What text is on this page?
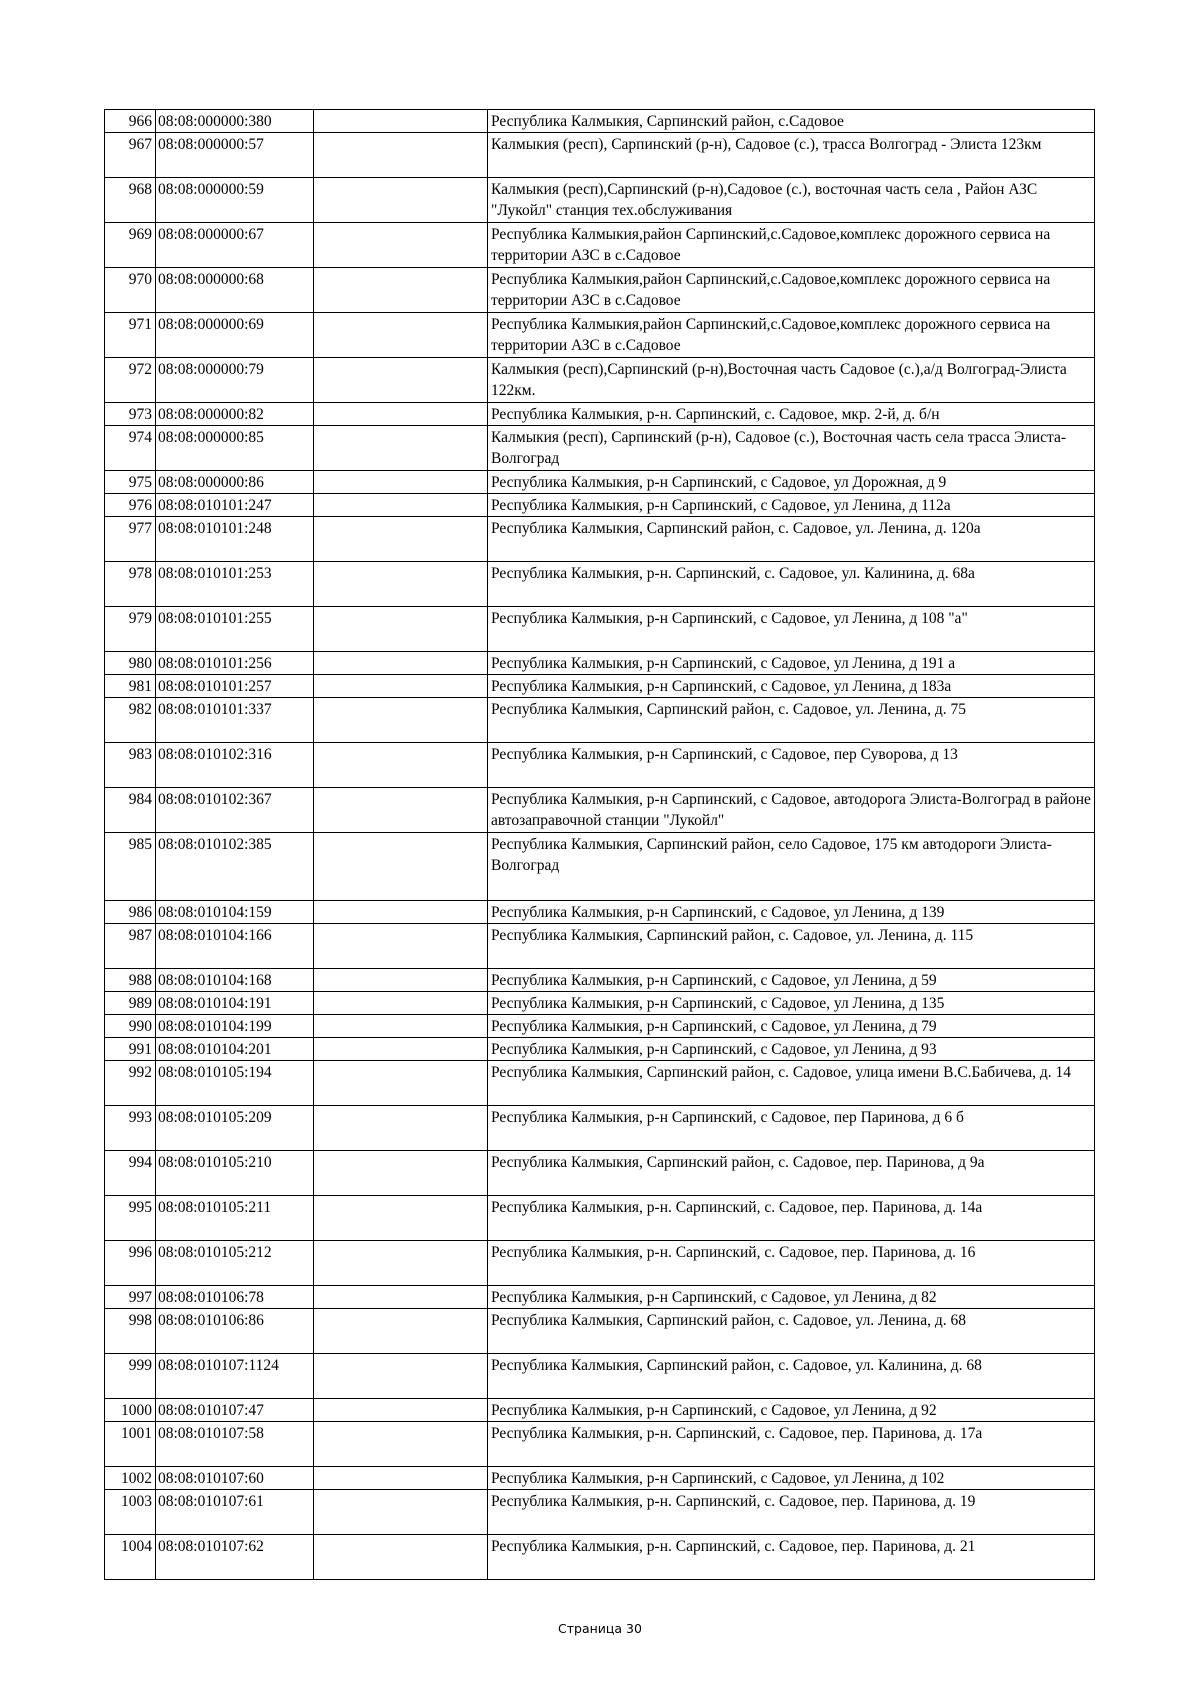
966	08:08:000000:380		Республика Калмыкия, Сарпинский район, с.Садовое
967	08:08:000000:57		Калмыкия (респ), Сарпинский (р-н), Садовое (с.), трасса Волгоград - Элиста 123км
968	08:08:000000:59		Калмыкия (респ),Сарпинский (р-н),Садовое (с.), восточная часть села , Район АЗС "Лукойл" станция тех.обслуживания
969	08:08:000000:67		Республика Калмыкия,район Сарпинский,с.Садовое,комплекс дорожного сервиса на территории АЗС в с.Садовое
970	08:08:000000:68		Республика Калмыкия,район Сарпинский,с.Садовое,комплекс дорожного сервиса на территории АЗС в с.Садовое
971	08:08:000000:69		Республика Калмыкия,район Сарпинский,с.Садовое,комплекс дорожного сервиса на территории АЗС в с.Садовое
972	08:08:000000:79		Калмыкия (респ),Сарпинский (р-н),Восточная часть Садовое (с.),а/д Волгоград-Элиста 122км.
973	08:08:000000:82		Республика Калмыкия, р-н. Сарпинский, с. Садовое, мкр. 2-й, д. б/н
974	08:08:000000:85		Калмыкия (респ), Сарпинский (р-н), Садовое (с.), Восточная часть села трасса Элиста-Волгоград
975	08:08:000000:86		Республика Калмыкия, р-н Сарпинский, с Садовое, ул Дорожная, д 9
976	08:08:010101:247		Республика Калмыкия, р-н Сарпинский, с Садовое, ул Ленина, д 112а
977	08:08:010101:248		Республика Калмыкия, Сарпинский район, с. Садовое, ул. Ленина, д. 120а
978	08:08:010101:253		Республика Калмыкия, р-н. Сарпинский, с. Садовое, ул. Калинина, д. 68а
979	08:08:010101:255		Республика Калмыкия, р-н Сарпинский, с Садовое, ул Ленина, д 108 "а"
980	08:08:010101:256		Республика Калмыкия, р-н Сарпинский, с Садовое, ул Ленина, д 191 а
981	08:08:010101:257		Республика Калмыкия, р-н Сарпинский, с Садовое, ул Ленина, д 183а
982	08:08:010101:337		Республика Калмыкия, Сарпинский район, с. Садовое, ул. Ленина, д. 75
983	08:08:010102:316		Республика Калмыкия, р-н Сарпинский, с Садовое, пер Суворова, д 13
984	08:08:010102:367		Республика Калмыкия, р-н Сарпинский, с Садовое, автодорога Элиста-Волгоград в районе автозаправочной станции "Лукойл"
985	08:08:010102:385		Республика Калмыкия, Сарпинский район, село Садовое, 175 км автодороги Элиста-Волгоград
986	08:08:010104:159		Республика Калмыкия, р-н Сарпинский, с Садовое, ул Ленина, д 139
987	08:08:010104:166		Республика Калмыкия, Сарпинский район, с. Садовое, ул. Ленина, д. 115
988	08:08:010104:168		Республика Калмыкия, р-н Сарпинский, с Садовое, ул Ленина, д 59
989	08:08:010104:191		Республика Калмыкия, р-н Сарпинский, с Садовое, ул Ленина, д 135
990	08:08:010104:199		Республика Калмыкия, р-н Сарпинский, с Садовое, ул Ленина, д 79
991	08:08:010104:201		Республика Калмыкия, р-н Сарпинский, с Садовое, ул Ленина, д 93
992	08:08:010105:194		Республика Калмыкия, Сарпинский район, с. Садовое, улица имени В.С.Бабичева, д. 14
993	08:08:010105:209		Республика Калмыкия, р-н Сарпинский, с Садовое, пер Паринова, д 6 б
994	08:08:010105:210		Республика Калмыкия, Сарпинский район, с. Садовое, пер. Паринова, д 9а
995	08:08:010105:211		Республика Калмыкия, р-н. Сарпинский, с. Садовое, пер. Паринова, д. 14а
996	08:08:010105:212		Республика Калмыкия, р-н. Сарпинский, с. Садовое, пер. Паринова, д. 16
997	08:08:010106:78		Республика Калмыкия, р-н Сарпинский, с Садовое, ул Ленина, д 82
998	08:08:010106:86		Республика Калмыкия, Сарпинский район, с. Садовое, ул. Ленина, д. 68
999	08:08:010107:1124		Республика Калмыкия, Сарпинский район, с. Садовое, ул. Калинина, д. 68
1000	08:08:010107:47		Республика Калмыкия, р-н Сарпинский, с Садовое, ул Ленина, д 92
1001	08:08:010107:58		Республика Калмыкия, р-н. Сарпинский, с. Садовое, пер. Паринова, д. 17а
1002	08:08:010107:60		Республика Калмыкия, р-н Сарпинский, с Садовое, ул Ленина, д 102
1003	08:08:010107:61		Республика Калмыкия, р-н. Сарпинский, с. Садовое, пер. Паринова, д. 19
1004	08:08:010107:62		Республика Калмыкия, р-н. Сарпинский, с. Садовое, пер. Паринова, д. 21
Страница 30
